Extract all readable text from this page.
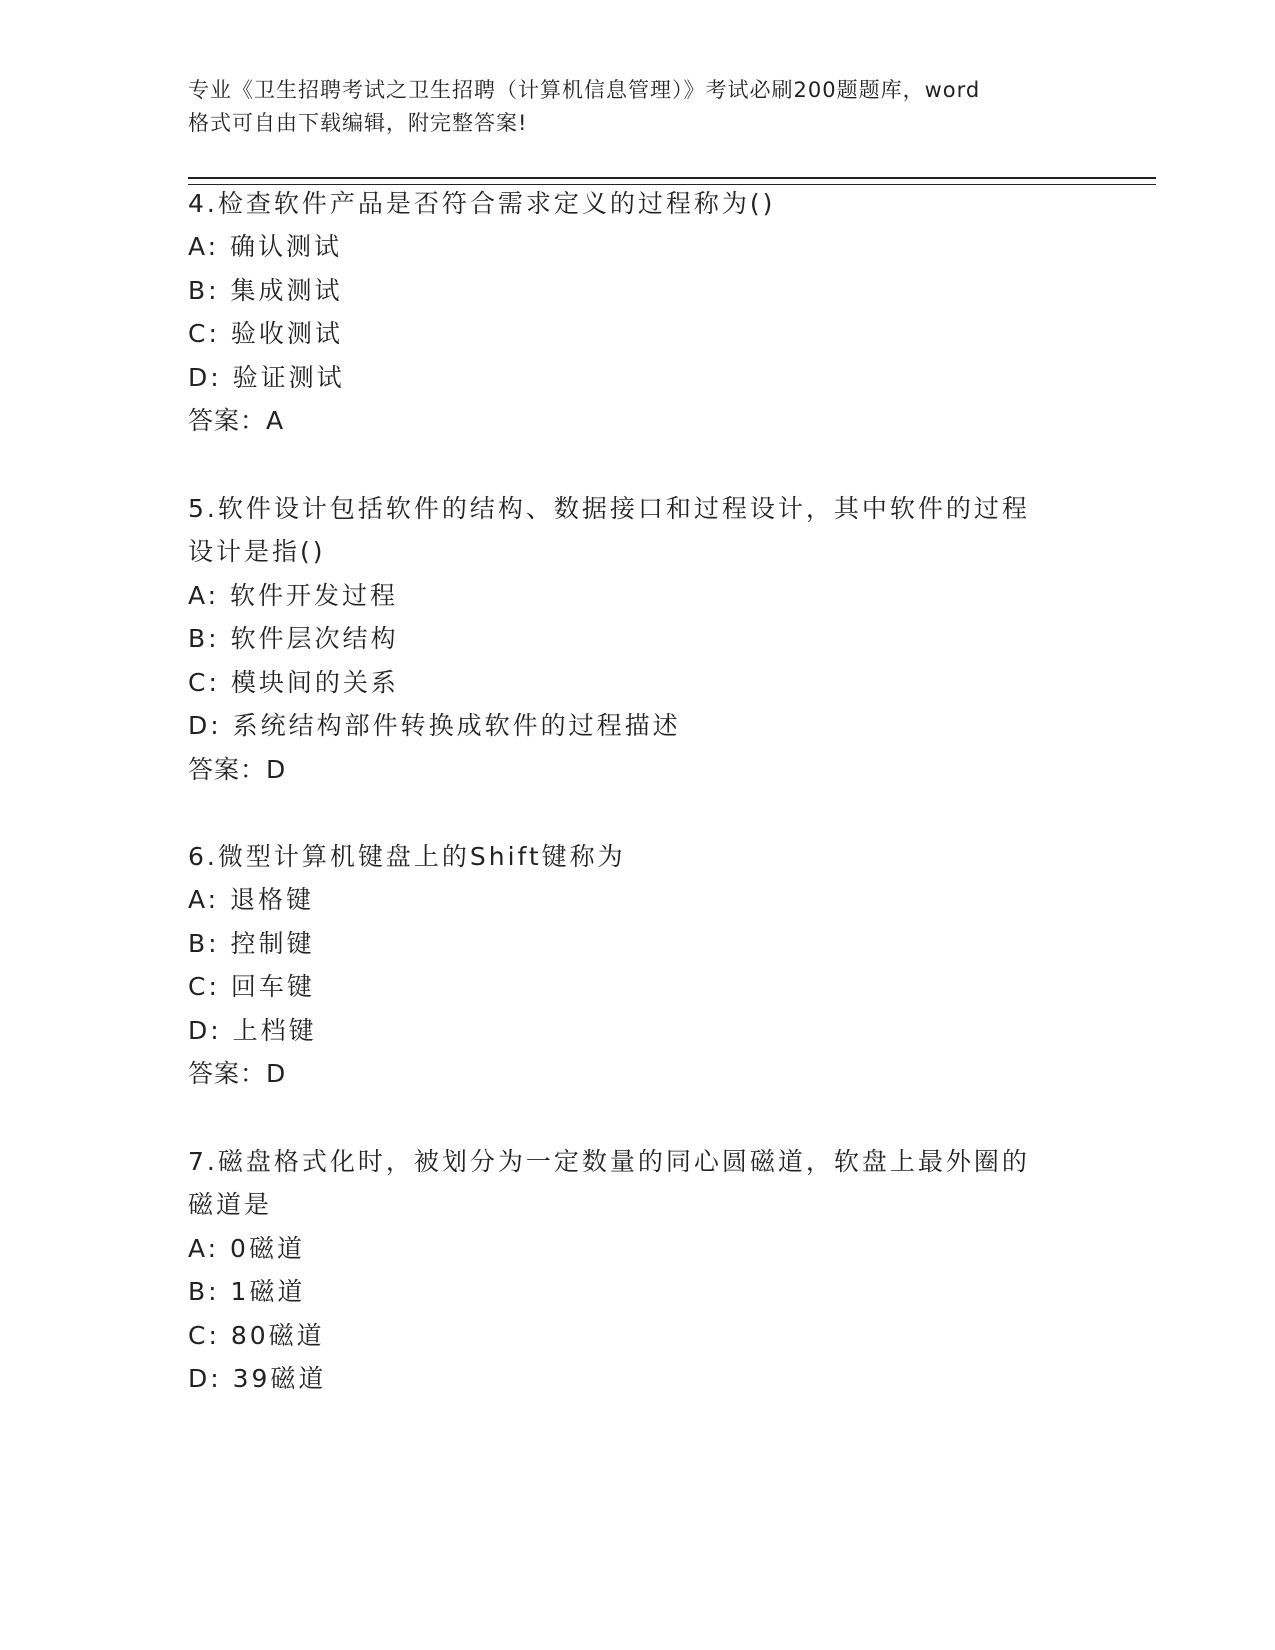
专业《卫生招聘考试之卫生招聘（计算机信息管理）》考试必刷200题题库，word
格式可自由下载编辑，附完整答案!
4.检查软件产品是否符合需求定义的过程称为()
A: 确认测试
B: 集成测试
C: 验收测试
D: 验证测试
答案：A
5.软件设计包括软件的结构、数据接口和过程设计，其中软件的过程
设计是指()
A: 软件开发过程
B: 软件层次结构
C: 模块间的关系
D: 系统结构部件转换成软件的过程描述
答案：D
6.微型计算机键盘上的Shift键称为
A: 退格键
B: 控制键
C: 回车键
D: 上档键
答案：D
7.磁盘格式化时，被划分为一定数量的同心圆磁道，软盘上最外圈的
磁道是
A: 0磁道
B: 1磁道
C: 80磁道
D: 39磁道
